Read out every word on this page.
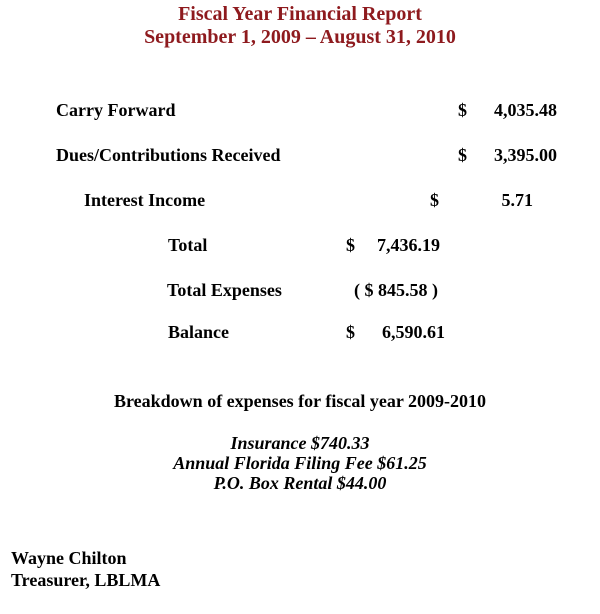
Fiscal Year Financial Report
September 1, 2009 – August 31, 2010
Carry Forward	$ 4,035.48
Dues/Contributions Received	$ 3,395.00
Interest Income	$	5.71
Total	$ 7,436.19
Total Expenses	( $ 845.58 )
Balance	$ 6,590.61
Breakdown of expenses for fiscal year 2009-2010
Insurance $740.33
Annual Florida Filing Fee $61.25
P.O. Box Rental $44.00
Wayne Chilton
Treasurer, LBLMA
